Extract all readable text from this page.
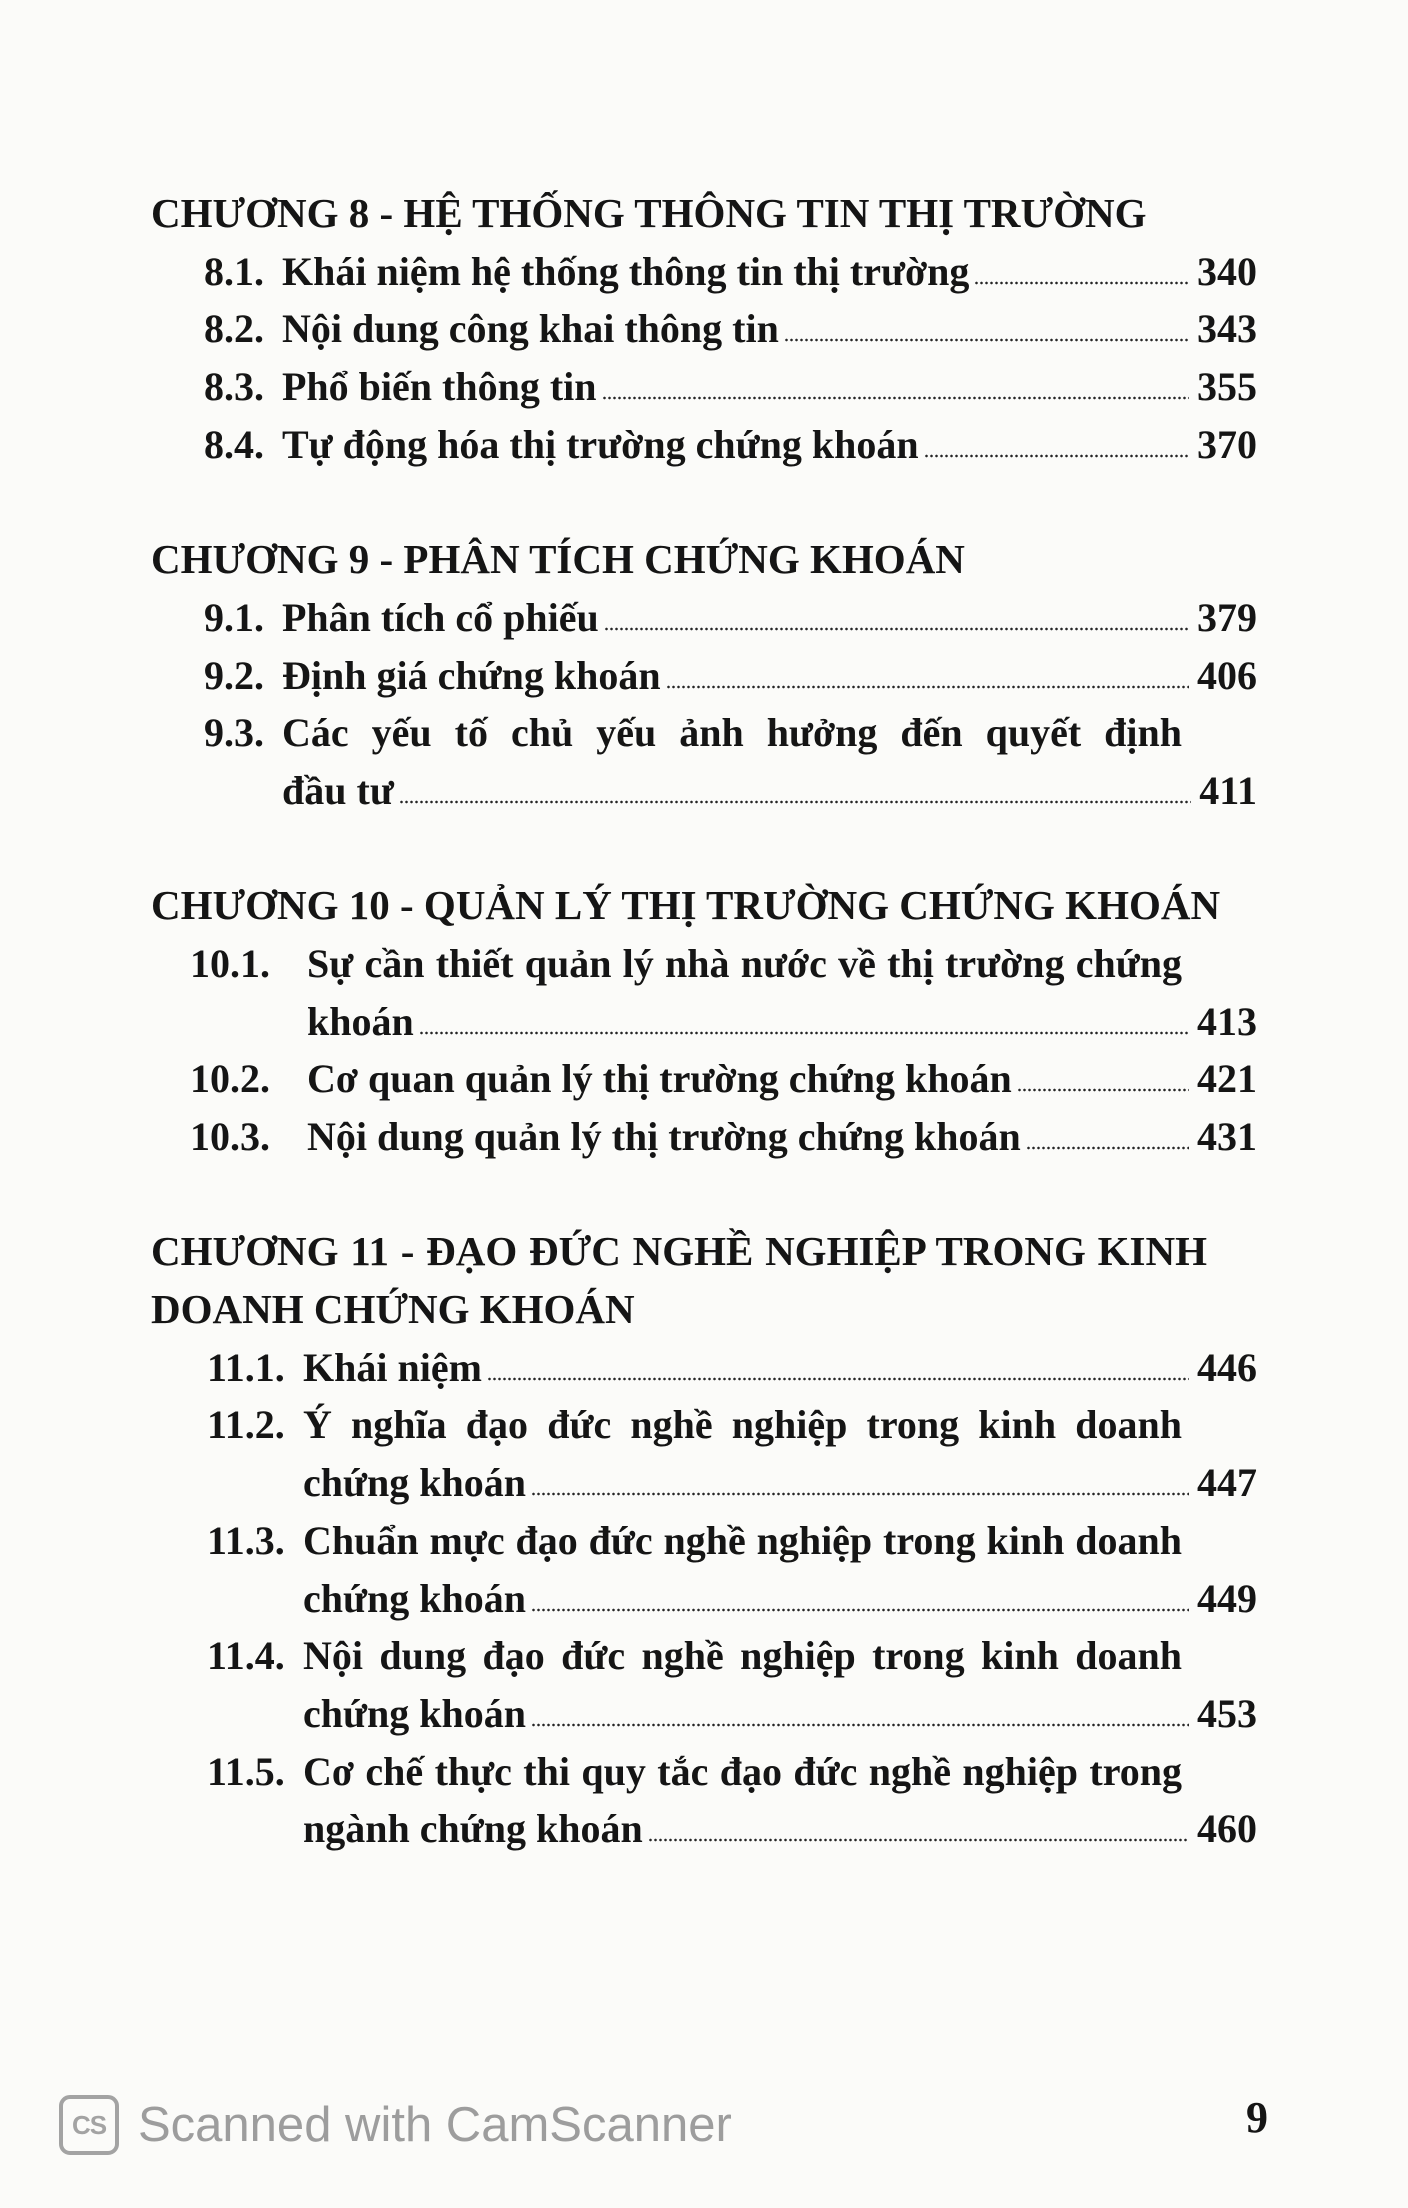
CHƯƠNG 8 - HỆ THỐNG THÔNG TIN THỊ TRƯỜNG
8.1. Khái niệm hệ thống thông tin thị trường	340
8.2. Nội dung công khai thông tin	343
8.3. Phổ biến thông tin	355
8.4. Tự động hóa thị trường chứng khoán	370
CHƯƠNG 9 - PHÂN TÍCH CHỨNG KHOÁN
9.1. Phân tích cổ phiếu	379
9.2. Định giá chứng khoán	406
9.3. Các yếu tố chủ yếu ảnh hưởng đến quyết định
đầu tư	411
CHƯƠNG 10 - QUẢN LÝ THỊ TRƯỜNG CHỨNG KHOÁN
10.1. Sự cần thiết quản lý nhà nước về thị trường chứng
khoán	413
10.2. Cơ quan quản lý thị trường chứng khoán	421
10.3. Nội dung quản lý thị trường chứng khoán	431
CHƯƠNG 11 - ĐẠO ĐỨC NGHỀ NGHIỆP TRONG KINH
DOANH CHỨNG KHOÁN
11.1. Khái niệm	446
11.2. Ý nghĩa đạo đức nghề nghiệp trong kinh doanh
chứng khoán	447
11.3. Chuẩn mực đạo đức nghề nghiệp trong kinh doanh
chứng khoán	449
11.4. Nội dung đạo đức nghề nghiệp trong kinh doanh
chứng khoán	453
11.5. Cơ chế thực thi quy tắc đạo đức nghề nghiệp trong
ngành chứng khoán	460
9
CS Scanned with CamScanner
